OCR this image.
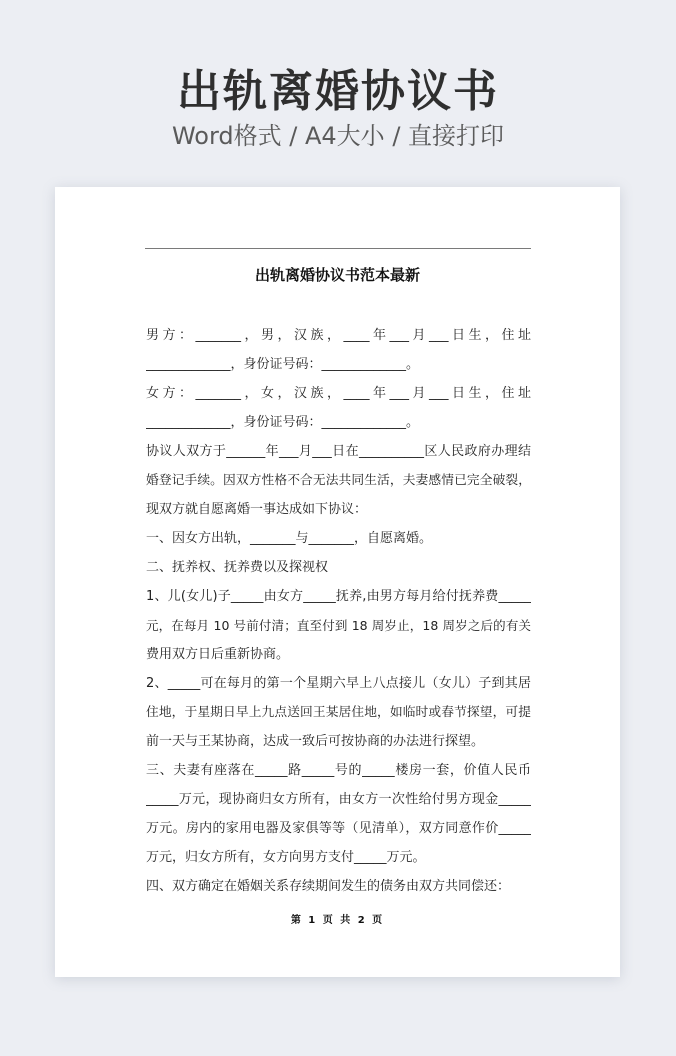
出轨离婚协议书
Word格式 / A4大小 / 直接打印
出轨离婚协议书范本最新
男方：_______，男，汉族，____年___月___日生，住址
_____________，身份证号码：_____________。
女方：_______，女，汉族，____年___月___日生，住址
_____________，身份证号码：_____________。
协议人双方于______年___月___日在__________区人民政府办理结
婚登记手续。因双方性格不合无法共同生活，夫妻感情已完全破裂，
现双方就自愿离婚一事达成如下协议：
一、因女方出轨，_______与_______，自愿离婚。
二、抚养权、抚养费以及探视权
1、儿(女儿)子_____由女方_____抚养,由男方每月给付抚养费_____
元，在每月 10 号前付清；直至付到 18 周岁止，18 周岁之后的有关
费用双方日后重新协商。
2、_____可在每月的第一个星期六早上八点接儿（女儿）子到其居
住地，于星期日早上九点送回王某居住地，如临时或春节探望，可提
前一天与王某协商，达成一致后可按协商的办法进行探望。
三、夫妻有座落在_____路_____号的_____楼房一套，价值人民币
_____万元，现协商归女方所有，由女方一次性给付男方现金_____
万元。房内的家用电器及家俱等等（见清单），双方同意作价_____
万元，归女方所有，女方向男方支付_____万元。
四、双方确定在婚姻关系存续期间发生的债务由双方共同偿还：
第 1 页 共 2 页
